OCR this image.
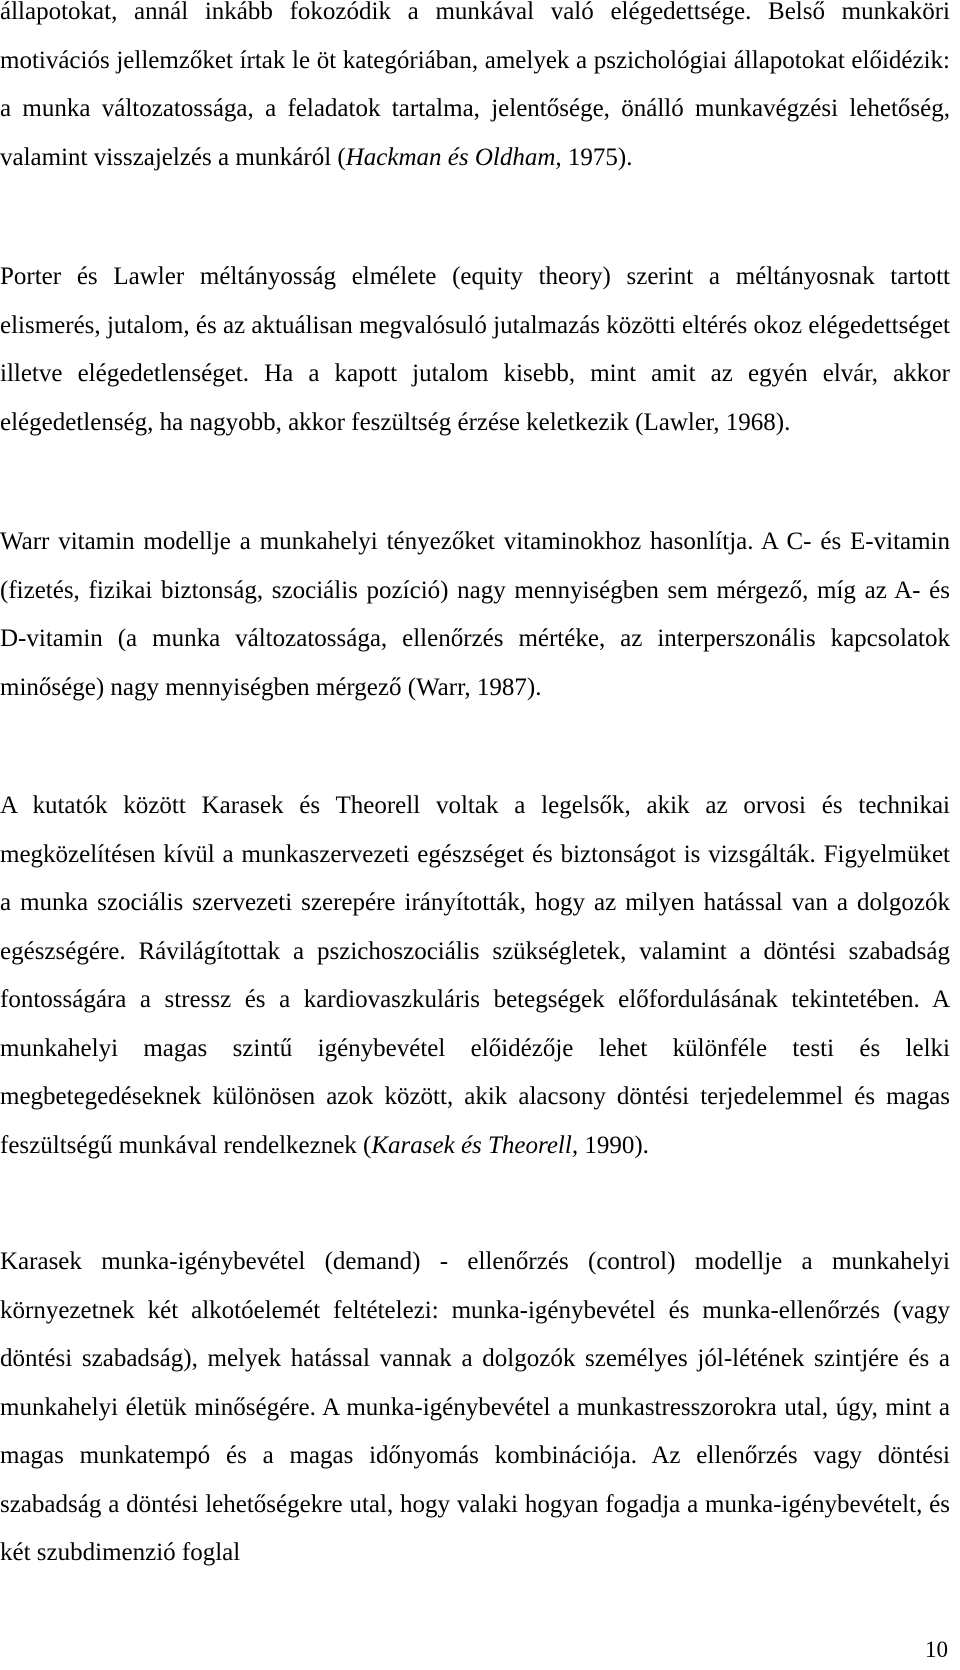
állapotokat, annál inkább fokozódik a munkával való elégedettsége. Belső munkaköri motivációs jellemzőket írtak le öt kategóriában, amelyek a pszichológiai állapotokat előidézik: a munka változatossága, a feladatok tartalma, jelentősége, önálló munkavégzési lehetőség, valamint visszajelzés a munkáról (Hackman és Oldham, 1975).

Porter és Lawler méltányosság elmélete (equity theory) szerint a méltányosnak tartott elismerés, jutalom, és az aktuálisan megvalósuló jutalmazás közötti eltérés okoz elégedettséget illetve elégedetlenséget. Ha a kapott jutalom kisebb, mint amit az egyén elvár, akkor elégedetlenség, ha nagyobb, akkor feszültség érzése keletkezik (Lawler, 1968).

Warr vitamin modellje a munkahelyi tényezőket vitaminokhoz hasonlítja. A C- és E-vitamin (fizetés, fizikai biztonság, szociális pozíció) nagy mennyiségben sem mérgező, míg az A- és D-vitamin (a munka változatossága, ellenőrzés mértéke, az interperszonális kapcsolatok minősége) nagy mennyiségben mérgező (Warr, 1987).

A kutatók között Karasek és Theorell voltak a legelsők, akik az orvosi és technikai megközelítésen kívül a munkaszervezeti egészséget és biztonságot is vizsgálták. Figyelmüket a munka szociális szervezeti szerepére irányították, hogy az milyen hatással van a dolgozók egészségére. Rávilágítottak a pszichoszociális szükségletek, valamint a döntési szabadság fontosságára a stressz és a kardiovaszkuláris betegségek előfordulásának tekintetében. A munkahelyi magas szintű igénybevétel előidézője lehet különféle testi és lelki megbetegedéseknek különösen azok között, akik alacsony döntési terjedelemmel és magas feszültségű munkával rendelkeznek (Karasek és Theorell, 1990).

Karasek munka-igénybevétel (demand) - ellenőrzés (control) modellje a munkahelyi környezetnek két alkotóelemét feltételezi: munka-igénybevétel és munka-ellenőrzés (vagy döntési szabadság), melyek hatással vannak a dolgozók személyes jól-létének szintjére és a munkahelyi életük minőségére. A munka-igénybevétel a munkastresszorokra utal, úgy, mint a magas munkatempó és a magas időnyomás kombinációja. Az ellenőrzés vagy döntési szabadság a döntési lehetőségekre utal, hogy valaki hogyan fogadja a munka-igénybevételt, és két szubdimenzió foglal

10
